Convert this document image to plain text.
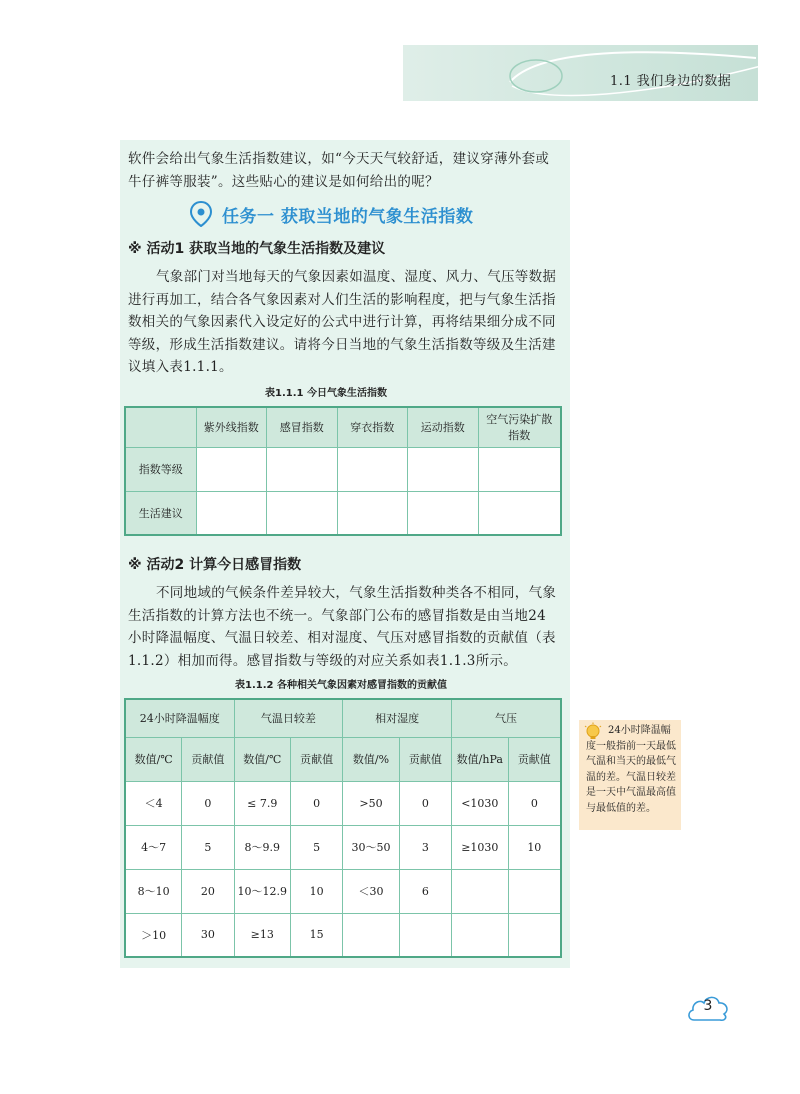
1.1 我们身边的数据
软件会给出气象生活指数建议，如“今天天气较舒适，建议穿薄外套或牛仔裤等服装”。这些贴心的建议是如何给出的呢？
任务一 获取当地的气象生活指数
※ 活动1 获取当地的气象生活指数及建议
气象部门对当地每天的气象因素如温度、湿度、风力、气压等数据进行再加工，结合各气象因素对人们生活的影响程度，把与气象生活指数相关的气象因素代入设定好的公式中进行计算，再将结果细分成不同等级，形成生活指数建议。请将今日当地的气象生活指数等级及生活建议填入表1.1.1。
表1.1.1 今日气象生活指数
	紫外线指数	感冒指数	穿衣指数	运动指数	空气污染扩散指数
指数等级					
生活建议					
※ 活动2 计算今日感冒指数
不同地域的气候条件差异较大，气象生活指数种类各不相同，气象生活指数的计算方法也不统一。气象部门公布的感冒指数是由当地24小时降温幅度、气温日较差、相对湿度、气压对感冒指数的贡献值（表1.1.2）相加而得。感冒指数与等级的对应关系如表1.1.3所示。
表1.1.2 各种相关气象因素对感冒指数的贡献值
24小时降温幅度		气温日较差		相对湿度		气压	
数值/℃	贡献值	数值/℃	贡献值	数值/%	贡献值	数值/hPa	贡献值
＜4	0	≤ 7.9	0	>50	0	<1030	0
4～7	5	8～9.9	5	30～50	3	≥1030	10
8～10	20	10～12.9	10	＜30	6		
＞10	30	≥13	15				
24小时降温幅度一般指前一天最低气温和当天的最低气温的差。气温日较差是一天中气温最高值与最低值的差。
3
